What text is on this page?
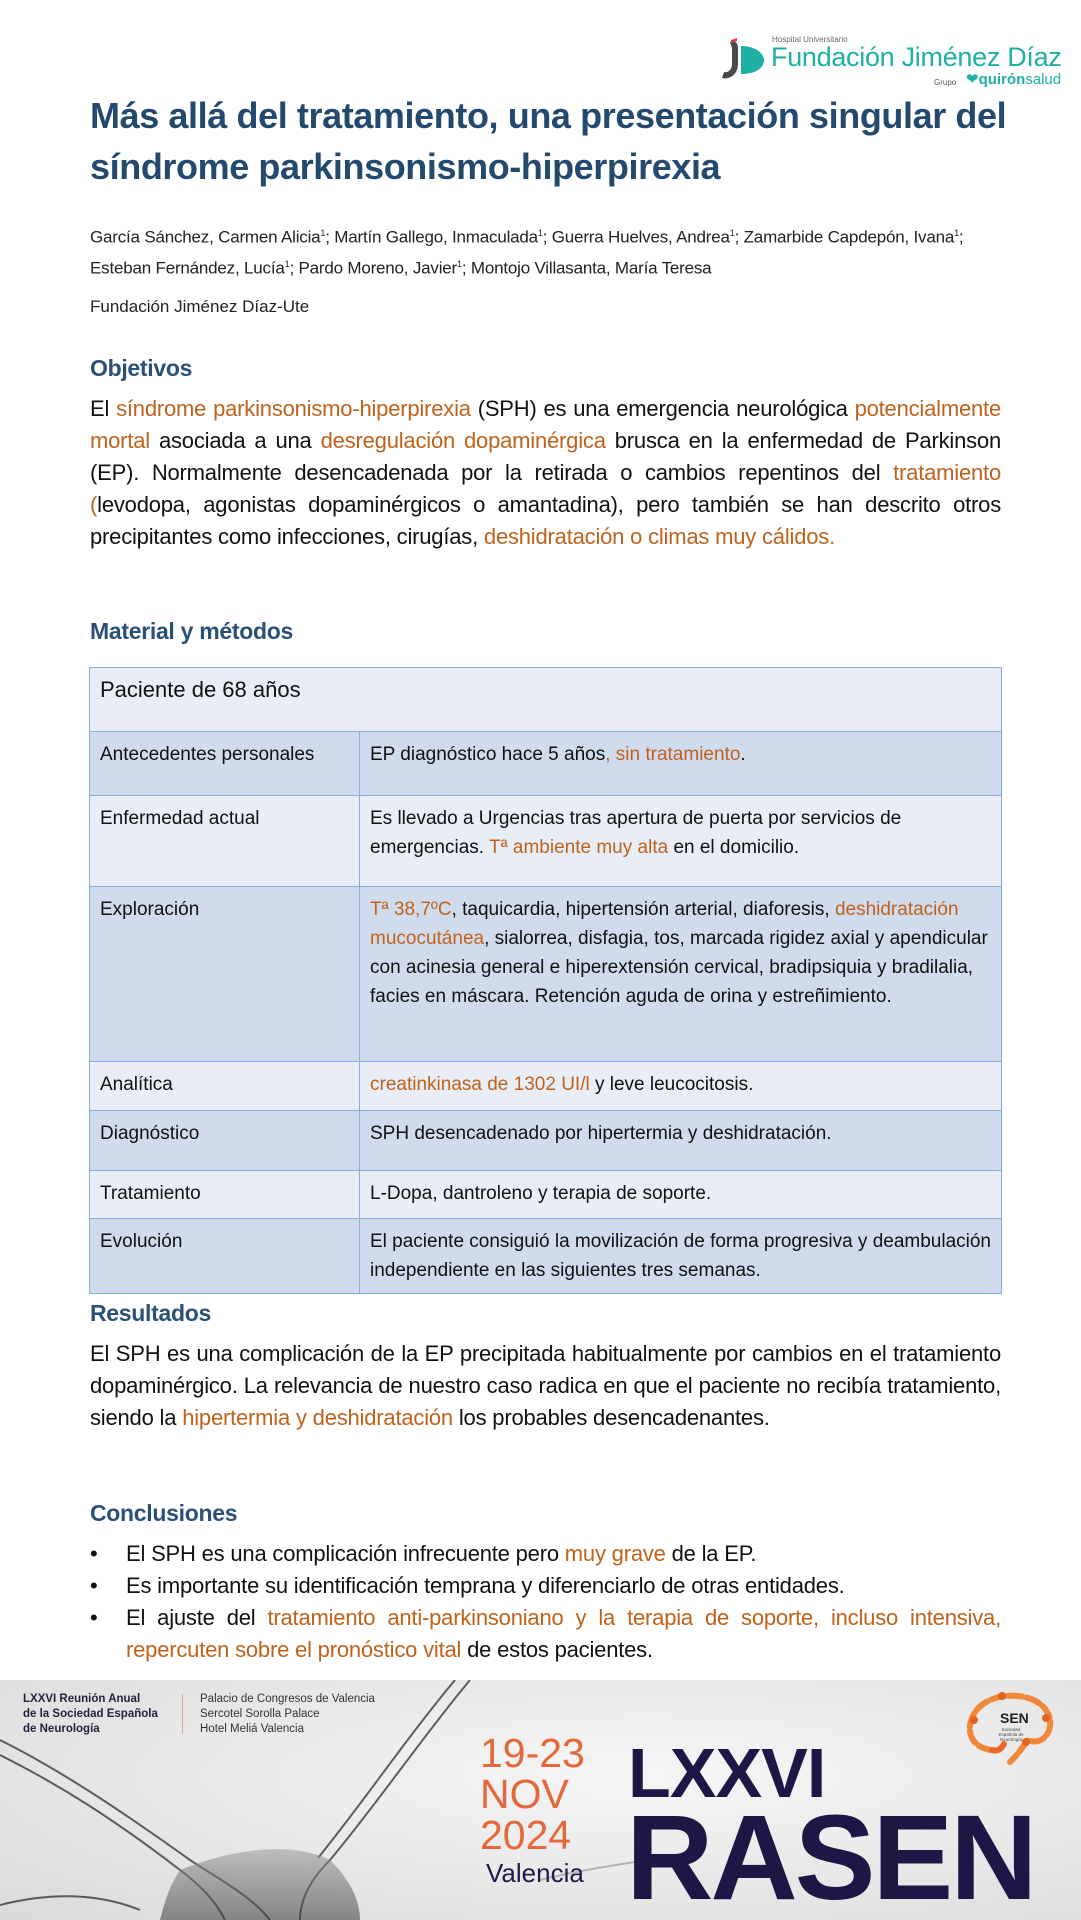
Hospital Universitario
Fundación Jiménez Díaz
Grupo ❤quirónsalud
Más allá del tratamiento, una presentación singular del síndrome parkinsonismo-hiperpirexia
García Sánchez, Carmen Alicia$^1$; Martín Gallego, Inmaculada$^1$; Guerra Huelves, Andrea$^1$; Zamarbide Capdepón, Ivana$^1$; Esteban Fernández, Lucía$^1$; Pardo Moreno, Javier$^1$; Montojo Villasanta, María Teresa
Fundación Jiménez Díaz-Ute
Objetivos
El síndrome parkinsonismo-hiperpirexia (SPH) es una emergencia neurológica potencialmente mortal asociada a una desregulación dopaminérgica brusca en la enfermedad de Parkinson (EP). Normalmente desencadenada por la retirada o cambios repentinos del tratamiento (levodopa, agonistas dopaminérgicos o amantadina), pero también se han descrito otros precipitantes como infecciones, cirugías, deshidratación o climas muy cálidos.
Material y métodos
Paciente de 68 años	
Antecedentes personales	EP diagnóstico hace 5 años, sin tratamiento.
Enfermedad actual	Es llevado a Urgencias tras apertura de puerta por servicios de emergencias. Tª ambiente muy alta en el domicilio.
Exploración	Tª 38,7ºC, taquicardia, hipertensión arterial, diaforesis, deshidratación mucocutánea, sialorrea, disfagia, tos, marcada rigidez axial y apendicular con acinesia general e hiperextensión cervical, bradipsiquia y bradilalia, facies en máscara. Retención aguda de orina y estreñimiento.
Analítica	creatinkinasa de 1302 UI/l y leve leucocitosis.
Diagnóstico	SPH desencadenado por hipertermia y deshidratación.
Tratamiento	L-Dopa, dantroleno y terapia de soporte.
Evolución	El paciente consiguió la movilización de forma progresiva y deambulación independiente en las siguientes tres semanas.
Resultados
El SPH es una complicación de la EP precipitada habitualmente por cambios en el tratamiento dopaminérgico. La relevancia de nuestro caso radica en que el paciente no recibía tratamiento, siendo la hipertermia y deshidratación los probables desencadenantes.
Conclusiones
• El SPH es una complicación infrecuente pero muy grave de la EP.
• Es importante su identificación temprana y diferenciarlo de otras entidades.
• El ajuste del tratamiento anti-parkinsoniano y la terapia de soporte, incluso intensiva, repercuten sobre el pronóstico vital de estos pacientes.
LXXVI Reunión Anual
de la Sociedad Española
de Neurología
Palacio de Congresos de Valencia
Sercotel Sorolla Palace
Hotel Meliá Valencia
19-23
NOV
2024
Valencia
LXXVI
RASEN
SEN
Sociedad Española de Neurología
